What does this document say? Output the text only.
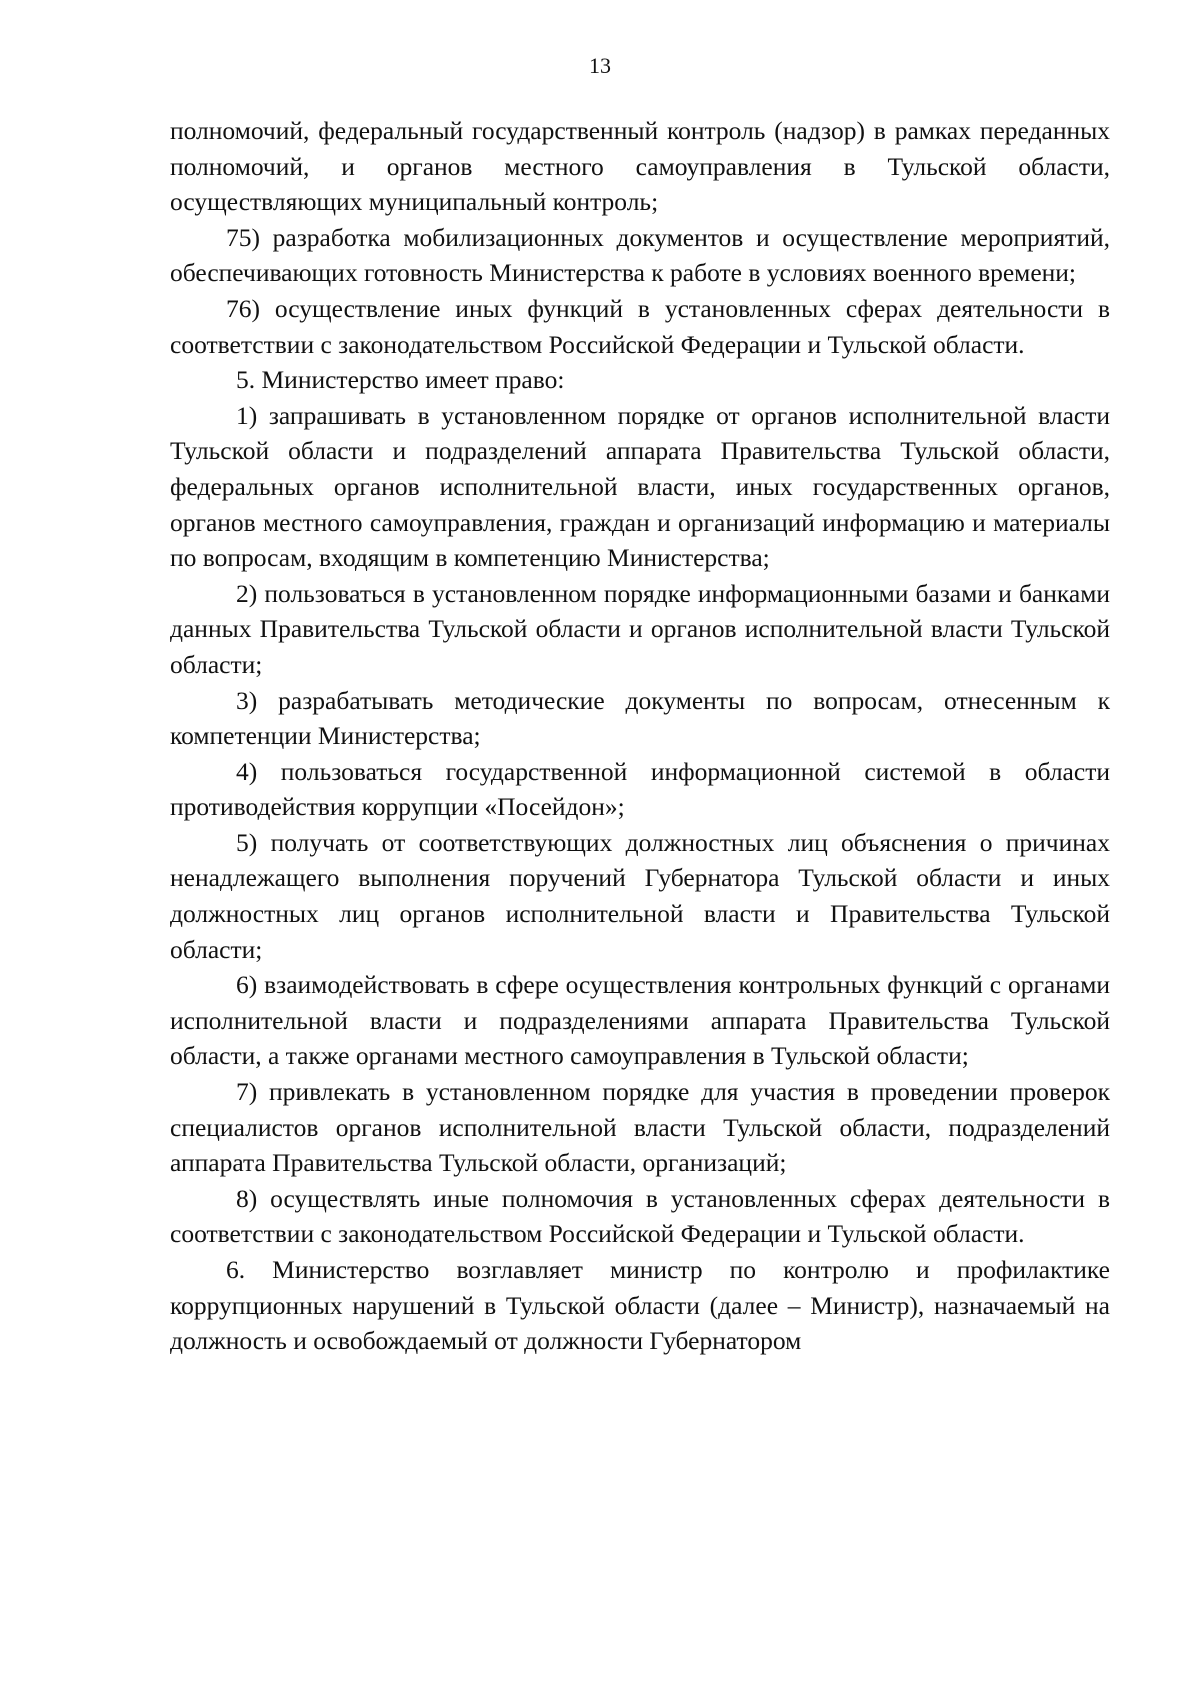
13

полномочий, федеральный государственный контроль (надзор) в рамках переданных полномочий, и органов местного самоуправления в Тульской области, осуществляющих муниципальный контроль;

75) разработка мобилизационных документов и осуществление мероприятий, обеспечивающих готовность Министерства к работе в условиях военного времени;

76) осуществление иных функций в установленных сферах деятельности в соответствии с законодательством Российской Федерации и Тульской области.

5. Министерство имеет право:

1) запрашивать в установленном порядке от органов исполнительной власти Тульской области и подразделений аппарата Правительства Тульской области, федеральных органов исполнительной власти, иных государственных органов, органов местного самоуправления, граждан и организаций информацию и материалы по вопросам, входящим в компетенцию Министерства;

2) пользоваться в установленном порядке информационными базами и банками данных Правительства Тульской области и органов исполнительной власти Тульской области;

3) разрабатывать методические документы по вопросам, отнесенным к компетенции Министерства;

4) пользоваться государственной информационной системой в области противодействия коррупции «Посейдон»;

5) получать от соответствующих должностных лиц объяснения о причинах ненадлежащего выполнения поручений Губернатора Тульской области и иных должностных лиц органов исполнительной власти и Правительства Тульской области;

6) взаимодействовать в сфере осуществления контрольных функций с органами исполнительной власти и подразделениями аппарата Правительства Тульской области, а также органами местного самоуправления в Тульской области;

7) привлекать в установленном порядке для участия в проведении проверок специалистов органов исполнительной власти Тульской области, подразделений аппарата Правительства Тульской области, организаций;

8) осуществлять иные полномочия в установленных сферах деятельности в соответствии с законодательством Российской Федерации и Тульской области.

6. Министерство возглавляет министр по контролю и профилактике коррупционных нарушений в Тульской области (далее – Министр), назначаемый на должность и освобождаемый от должности Губернатором
